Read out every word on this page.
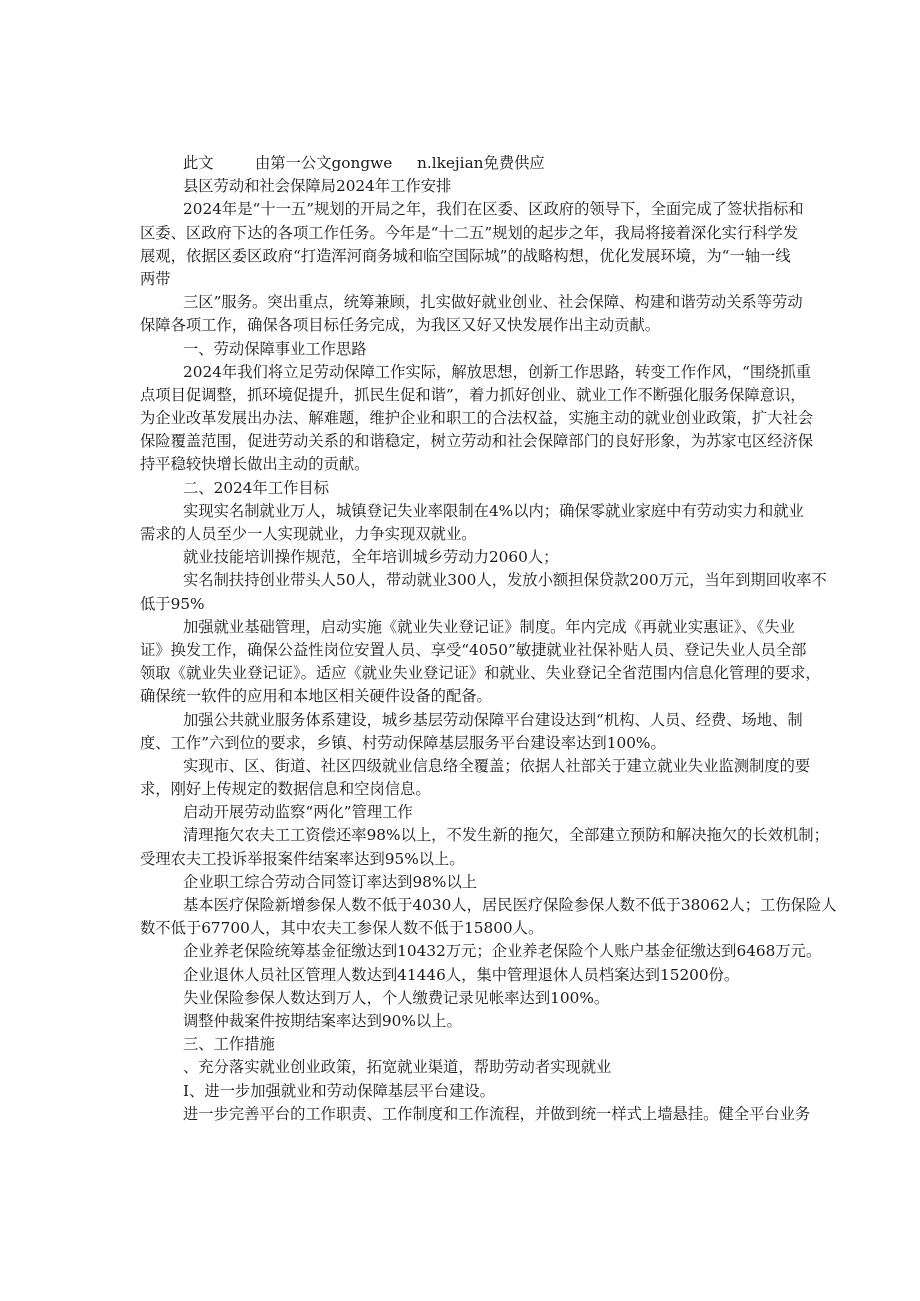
此文	由第一公文gongwe n.lkejian免费供应
县区劳动和社会保障局2024年工作安排
2024年是“十一五”规划的开局之年，我们在区委、区政府的领导下，全面完成了签状指标和
区委、区政府下达的各项工作任务。今年是“十二五”规划的起步之年，我局将接着深化实行科学发
展观，依据区委区政府“打造浑河商务城和临空国际城”的战略构想，优化发展环境，为“一轴一线
两带
三区”服务。突出重点，统筹兼顾，扎实做好就业创业、社会保障、构建和谐劳动关系等劳动
保障各项工作，确保各项目标任务完成，为我区又好又快发展作出主动贡献。
一、劳动保障事业工作思路
2024年我们将立足劳动保障工作实际，解放思想，创新工作思路，转变工作作风，“围绕抓重
点项目促调整，抓环境促提升，抓民生促和谐”，着力抓好创业、就业工作不断强化服务保障意识，
为企业改革发展出办法、解难题，维护企业和职工的合法权益，实施主动的就业创业政策，扩大社会
保险覆盖范围，促进劳动关系的和谐稳定，树立劳动和社会保障部门的良好形象，为苏家屯区经济保
持平稳较快增长做出主动的贡献。
二、2024年工作目标
实现实名制就业万人，城镇登记失业率限制在4%以内；确保零就业家庭中有劳动实力和就业
需求的人员至少一人实现就业，力争实现双就业。
就业技能培训操作规范，全年培训城乡劳动力2060人；
实名制扶持创业带头人50人，带动就业300人，发放小额担保贷款200万元，当年到期回收率不
低于95%
加强就业基础管理，启动实施《就业失业登记证》制度。年内完成《再就业实惠证》、《失业
证》换发工作，确保公益性岗位安置人员、享受“4050”敏捷就业社保补贴人员、登记失业人员全部
领取《就业失业登记证》。适应《就业失业登记证》和就业、失业登记全省范围内信息化管理的要求，
确保统一软件的应用和本地区相关硬件设备的配备。
加强公共就业服务体系建设，城乡基层劳动保障平台建设达到“机构、人员、经费、场地、制
度、工作”六到位的要求，乡镇、村劳动保障基层服务平台建设率达到100%。
实现市、区、街道、社区四级就业信息络全覆盖；依据人社部关于建立就业失业监测制度的要
求，刚好上传规定的数据信息和空岗信息。
启动开展劳动监察“两化”管理工作
清理拖欠农夫工工资偿还率98%以上，不发生新的拖欠，全部建立预防和解决拖欠的长效机制；
受理农夫工投诉举报案件结案率达到95%以上。
企业职工综合劳动合同签订率达到98%以上
基本医疗保险新增参保人数不低于4030人，居民医疗保险参保人数不低于38062人；工伤保险人
数不低于67700人，其中农夫工参保人数不低于15800人。
企业养老保险统筹基金征缴达到10432万元；企业养老保险个人账户基金征缴达到6468万元。
企业退休人员社区管理人数达到41446人，集中管理退休人员档案达到15200份。
失业保险参保人数达到万人，个人缴费记录见帐率达到100%。
调整仲裁案件按期结案率达到90%以上。
三、工作措施
、充分落实就业创业政策，拓宽就业渠道，帮助劳动者实现就业
I、进一步加强就业和劳动保障基层平台建设。
进一步完善平台的工作职责、工作制度和工作流程，并做到统一样式上墙悬挂。健全平台业务
